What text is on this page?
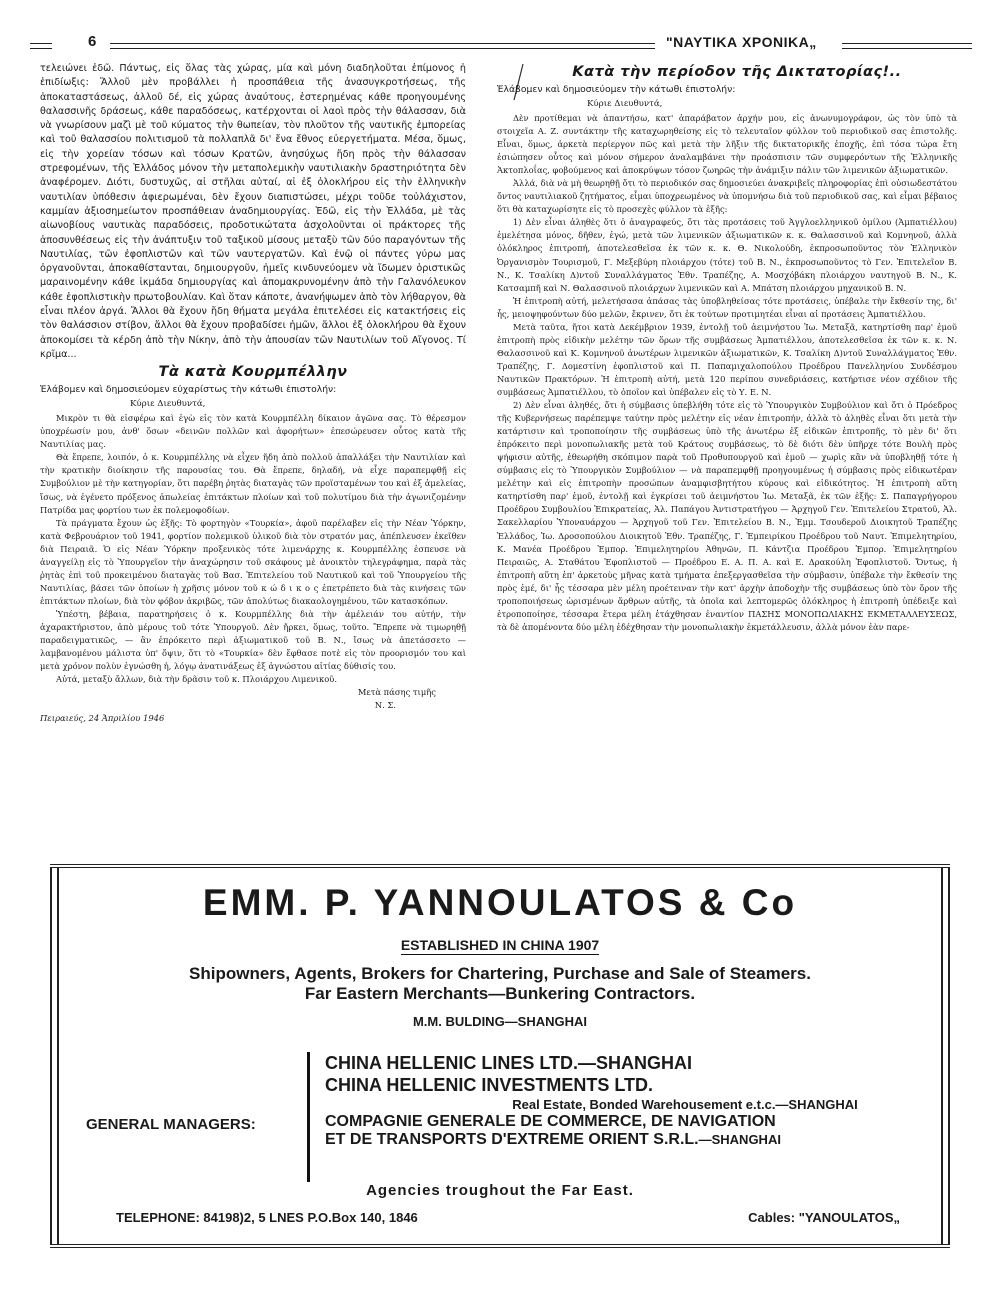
6	"ΝΑΥΤΙΚΑ ΧΡΟΝΙΚΑ„

τελειώνει ἐδῶ. Πάντως, εἰς ὅλας τὰς χώρας, μία καὶ μόνη διαδηλοῦται ἐπίμονος ἡ ἐπιδίωξις: Ἄλλοῦ μὲν προβάλλει ἡ προσπάθεια τῆς ἀνασυγκροτήσεως, τῆς ἀποκαταστάσεως, ἀλλοῦ δέ, εἰς χώρας ἀναύτους, ἐστερημένας κάθε προηγουμένης θαλασσινῆς δράσεως, κάθε παραδόσεως, κατέρχονται οἱ λαοὶ πρὸς τὴν θάλασσαν, διὰ νὰ γνωρίσουν μαζὶ μὲ τοῦ κύματος τὴν θωπείαν, τὸν πλοῦτον τῆς ναυτικῆς ἐμπορείας καὶ τοῦ θαλασσίου πολιτισμοῦ τὰ πολλαπλᾶ δι' ἔνα ἔθνος εὐεργετήματα. Μέσα, ὅμως, εἰς τὴν χορείαν τόσων καὶ τόσων Κρατῶν, ἀνησύχως ἤδη πρὸς τὴν θάλασσαν στρεφομένων, τῆς Ἑλλάδος μόνον τὴν μεταπολεμικὴν ναυτιλιακὴν δραστηριότητα δὲν ἀναφέρομεν. Διότι, δυστυχῶς, αἱ στῆλαι αὐταί, αἱ ἐξ ὁλοκλήρου εἰς τὴν ἑλληνικὴν ναυτιλίαν ὑπόθεσιν ἀφιερωμέναι, δὲν ἔχουν διαπιστώσει, μέχρι τοῦδε τοὐλάχιστον, καμμίαν ἀξιοσημείωτον προσπάθειαν ἀναδημιουργίας. Ἐδῶ, εἰς τὴν Ἑλλάδα, μὲ τὰς αἰωνοβίους ναυτικὰς παραδόσεις, προδοτικώτατα ἀσχολοῦνται οἱ πράκτορες τῆς ἀποσυνθέσεως εἰς τὴν ἀνάπτυξιν τοῦ ταξικοῦ μίσους μεταξὺ τῶν δύο παραγόντων τῆς Ναυτιλίας, τῶν ἐφοπλιστῶν καὶ τῶν ναυτεργατῶν. Καὶ ἐνῷ οἱ πάντες γύρω μας ὀργανοῦνται, ἀποκαθίστανται, δημιουργοῦν, ἡμεῖς κινδυνεύομεν νὰ ἴδωμεν ὁριστικῶς μαραινομένην κάθε ἰκμάδα δημιουργίας καὶ ἀπομακρυνομένην ἀπὸ τὴν Γαλανόλευκον κάθε ἐφοπλιστικὴν πρωτοβουλίαν. Καὶ ὅταν κάποτε, ἀνανήψωμεν ἀπὸ τὸν λήθαργον, θὰ εἶναι πλέον ἀργά. Ἄλλοι θὰ ἔχουν ἤδη θήματα μεγάλα ἐπιτελέσει εἰς κατακτήσεις εἰς τὸν θαλάσσιον στίβον, ἄλλοι θὰ ἔχουν προβαδίσει ἡμῶν, ἄλλοι ἐξ ὁλοκλήρου θὰ ἔχουν ἀποκομίσει τὰ κέρδη ἀπὸ τὴν Νίκην, ἀπὸ τὴν ἀπουσίαν τῶν Ναυτιλίων τοῦ Αἴγονος. Τί κρῖμα...

Τὰ κατὰ Κουρμπέλλην

Ἐλάβομεν καὶ δημοσιεύομεν εὐχαρίστως τὴν κάτωθι ἐπιστολήν:

Κύριε Διευθυντά,

Μικρὸν τι θὰ εἰσφέρω καὶ ἐγὼ εἰς τὸν κατὰ Κουρμπέλλη δίκαιον ἀγῶνα σας. Τὸ θέρεσμον ὑποχρέωσίν μου, ἀνθ' ὅσων «δεινῶν πολλῶν καὶ ἀφορήτων» ἐπεσώρευσεν οὗτος κατὰ τῆς Ναυτιλίας μας.

Θὰ ἔπρεπε, λοιπόν, ὁ κ. Κουρμπέλλης νὰ εἶχεν ἤδη ἀπὸ πολλοῦ ἀπαλλάξει τὴν Ναυτιλίαν καὶ τὴν κρατικὴν διοίκησιν τῆς παρουσίας του. Θὰ ἔπρεπε, δηλαδή, νὰ εἶχε παραπεμφθῇ εἰς Συμβούλιον μὲ τὴν κατηγορίαν, ὅτι παρέβη ῥητὰς διαταγὰς τῶν προϊσταμένων του καὶ ἐξ ἀμελείας, ἴσως, νὰ ἐγένετο πρόξενος ἀπωλείας ἐπιτάκτων πλοίων καὶ τοῦ πολυτίμου διὰ τὴν ἀγωνιζομένην Πατρίδα μας φορτίου των ἐκ πολεμοφοδίων.

Τὰ πράγματα ἔχουν ὡς ἑξῆς: Τὸ φορτηγὸν «Τουρκία», ἀφοῦ παρέλαβεν εἰς τὴν Νέαν Ὑόρκην, κατὰ Φεβρουάριον τοῦ 1941, φορτίον πολεμικοῦ ὑλικοῦ διὰ τὸν στρατόν μας, ἀπέπλευσεν ἐκεῖθεν διὰ Πειραιᾶ. Ὁ εἰς Νέαν Ὑόρκην προξενικὸς τότε λιμενάρχης κ. Κουρμπέλλης ἐσπευσε νὰ ἀναγγείλῃ εἰς τὸ Ὑπουργεῖον τὴν ἀναχώρησιν τοῦ σκάφους μὲ ἀνοικτὸν τηλεγράφημα, παρὰ τὰς ῥητὰς ἐπὶ τοῦ προκειμένου διαταγὰς τοῦ Βασ. Ἐπιτελείου τοῦ Ναυτικοῦ καὶ τοῦ Ὑπουργείου τῆς Ναυτιλίας, βάσει τῶν ὁποίων ἡ χρῆσις μόνον τοῦ κ ώ δ ι κ ο ς ἐπετρέπετο διὰ τὰς κινήσεις τῶν ἐπιτάκτων πλοίων, διὰ τὸν φόβον ἀκριβῶς, τῶν ἀπολύτως διακαολογημένου, τῶν κατασκόπων.

Ὑπέστη, βέβαια, παρατηρήσεις ὁ κ. Κουρμπέλλης διὰ τὴν ἀμέλειάν του αὐτήν, τὴν ἀχαρακτήριστον, ἀπὸ μέρους τοῦ τότε Ὑπουργοῦ. Δὲν ἤρκει, ὅμως, τοῦτο. Ἔπρεπε νὰ τιμωρηθῇ παραδειγματικῶς, — ἂν ἐπρόκειτο περὶ ἀξιωματικοῦ τοῦ Β. Ν., ἴσως νὰ ἀπετάσσετο — λαμβανομένου μάλιστα ὑπ' ὄψιν, ὅτι τὸ «Τουρκία» δὲν ἔφθασε ποτὲ εἰς τὸν προορισμόν του καὶ μετὰ χρόνον πολὺν ἐγνώσθη ἡ, λόγῳ ἀνατινάξεως ἐξ ἀγνώστου αἰτίας δύθισίς του.

Αὐτά, μεταξὺ ἄλλων, διὰ τὴν δρᾶσιν τοῦ κ. Πλοιάρχου Λιμενικοῦ.

Μετὰ πάσης τιμῆς

Ν. Σ.

Πειραιεύς, 24 Ἀπριλίου 1946

Κατὰ τὴν περίοδον τῆς Δικτατορίας!..

Ἐλάβομεν καὶ δημοσιεύομεν τὴν κάτωθι ἐπιστολήν:

Κύριε Διευθυντά,

Δὲν προτίθεμαι νὰ ἀπαντήσω, κατ' ἀπαράβατον ἀρχήν μου, εἰς ἀνωνυμογράφον, ὡς τὸν ὑπὸ τὰ στοιχεῖα Α. Ζ. συντάκτην τῆς καταχωρηθείσης εἰς τὸ τελευταῖον φύλλον τοῦ περιοδικοῦ σας ἐπιστολῆς. Εἶναι, ὅμως, ἀρκετὰ περίεργον πῶς καὶ μετὰ τὴν λῆξιν τῆς δικτατορικῆς ἐποχῆς, ἐπὶ τόσα τώρα ἔτη ἐσιώπησεν οὗτος καὶ μόνον σήμερον ἀναλαμβάνει τὴν προάσπισιν τῶν συμφερόντων τῆς Ἑλληνικῆς Ἀκτοπλοΐας, φοβούμενος καὶ ἀποκρύψων τόσον ζωηρῶς τὴν ἀνάμιξιν πάλιν τῶν λιμενικῶν ἀξιωματικῶν.

Ἀλλά, διὰ νὰ μὴ θεωρηθῇ ὅτι τὸ περιοδικόν σας δημοσιεύει ἀνακριβεῖς πληροφορίας ἐπὶ οὐσιωδεστάτου ὄντος ναυτιλιακοῦ ζητήματος, εἶμαι ὑποχρεωμένος νὰ ὑπομνήσω διὰ τοῦ περιοδικοῦ σας, καὶ εἶμαι βέβαιος ὅτι θὰ καταχωρίσητε εἰς τὸ προσεχὲς φύλλον τὰ ἑξῆς:

1) Δὲν εἶναι ἀληθὲς ὅτι ὁ ἀναγραφεύς, ὅτι τὰς προτάσεις τοῦ Ἀγγλοελληνικοῦ ὁμίλου (Ἀμπατιέλλου) ἐμελέτησα μόνος, δῆθεν, ἐγώ, μετὰ τῶν λιμενικῶν ἀξιωματικῶν κ. κ. Θαλασσινοῦ καὶ Κομνηνοῦ, ἀλλὰ ὁλόκληρος ἐπιτροπή, ἀποτελεσθεῖσα ἐκ τῶν κ. κ. Θ. Νικολούδη, ἐκπροσωποῦντος τὸν Ἑλληνικὸν Ὀργανισμὸν Τουρισμοῦ, Γ. Μεξεβύρη πλοιάρχου (τότε) τοῦ Β. Ν., ἐκπροσωποῦντος τὸ Γεν. Ἐπιτελεῖον Β. Ν., Κ. Τσαλίκη Δ)ντοῦ Συναλλάγματος Ἐθν. Τραπέζης, Α. Μοσχόβάκη πλοιάρχου ναυτηγοῦ Β. Ν., Κ. Κατσαμπῆ καὶ Ν. Θαλασσινοῦ πλοιάρχων λιμενικῶν καὶ Α. Μπάτση πλοιάρχου μηχανικοῦ Β. Ν.

Ἡ ἐπιτροπὴ αὐτή, μελετήσασα ἁπάσας τὰς ὑποβληθείσας τότε προτάσεις, ὑπέβαλε τὴν ἔκθεσίν της, δι' ἧς, μειοψηφούντων δύο μελῶν, ἔκρινεν, ὅτι ἐκ τούτων προτιμητέαι εἶναι αἱ προτάσεις Ἀμπατιέλλου.

Μετὰ ταῦτα, ἤτοι κατὰ Δεκέμβριον 1939, ἐντολῇ τοῦ ἀειμνήστου Ἰω. Μεταξᾶ, κατηρτίσθη παρ' ἐμοῦ ἐπιτροπὴ πρὸς εἰδικὴν μελέτην τῶν ὅρων τῆς συμβάσεως Ἀμπατιέλλου, ἀποτελεσθεῖσα ἐκ τῶν κ. κ. Ν. Θαλασσινοῦ καὶ Κ. Κομνηνοῦ ἀνωτέρων λιμενικῶν ἀξιωματικῶν, Κ. Τσαλίκη Δ)ντοῦ Συναλλάγματος Ἐθν. Τραπέζης, Γ. Δομεστίνη ἐφοπλιστοῦ καὶ Π. Παπαμιχαλοπούλου Προέδρου Πανελληνίου Συνδέσμου Ναυτικῶν Πρακτόρων. Ἡ ἐπιτροπὴ αὐτή, μετὰ 120 περίπου συνεδριάσεις, κατήρτισε νέον σχέδιον τῆς συμβάσεως Ἀμπατιέλλου, τὸ ὁποῖον καὶ ὑπέβαλεν εἰς τὸ Υ. Ε. Ν.

2) Δὲν εἶναι ἀληθές, ὅτι ἡ σύμβασις ὑπεβλήθη τότε εἰς τὸ Ὑπουργικὸν Συμβούλιον καὶ ὅτι ὁ Πρόεδρος τῆς Κυβερνήσεως παρέπεμψε ταύτην πρὸς μελέτην εἰς νέαν ἐπιτροπήν, ἀλλὰ τὸ ἀληθὲς εἶναι ὅτι μετὰ τὴν κατάρτισιν καὶ τροποποίησιν τῆς συμβάσεως ὑπὸ τῆς ἀνωτέρω ἐξ εἰδικῶν ἐπιτροπῆς, τὸ μὲν δι' ὅτι ἐπρόκειτο περὶ μονοπωλιακῆς μετὰ τοῦ Κράτους συμβάσεως, τὸ δὲ διότι δὲν ὑπῆρχε τότε Βουλὴ πρὸς ψήφισιν αὐτῆς, ἐθεωρήθη σκόπιμον παρὰ τοῦ Προθυπουργοῦ καὶ ἐμοῦ — χωρὶς κἂν νὰ ὑποβληθῇ τότε ἡ σύμβασις εἰς τὸ Ὑπουργικὸν Συμβούλιον — νὰ παραπεμφθῇ προηγουμένως ἡ σύμβασις πρὸς εἰδικωτέραν μελέτην καὶ εἰς ἐπιτροπὴν προσώπων ἀναμφισβητήτου κύρους καὶ εἰδικότητος. Ἡ ἐπιτροπὴ αὕτη κατηρτίσθη παρ' ἐμοῦ, ἐντολῇ καὶ ἐγκρίσει τοῦ ἀειμνήστου Ἰω. Μεταξᾶ, ἐκ τῶν ἑξῆς: Σ. Παπαγρήγορου Προέδρου Συμβουλίου Ἐπικρατείας, Ἀλ. Παπάγου Ἀντιστρατήγου — Ἀρχηγοῦ Γεν. Ἐπιτελείου Στρατοῦ, Ἀλ. Σακελλαρίου Ὑποναυάρχου — Ἀρχηγοῦ τοῦ Γεν. Ἐπιτελείου Β. Ν., Ἐμμ. Τσουδεροῦ Διοικητοῦ Τραπέζης Ἑλλάδος, Ἰω. Δροσοπούλου Διοικητοῦ Ἐθν. Τραπέζης, Γ. Ἐμπειρίκου Προέδρου τοῦ Ναυτ. Ἐπιμελητηρίου, Κ. Μανέα Προέδρου Ἐμπορ. Ἐπιμελητηρίου Ἀθηνῶν, Π. Κάντζια Προέδρου Ἐμπορ. Ἐπιμελητηρίου Πειραιῶς, Α. Σταθάτου Ἐφοπλιστοῦ — Προέδρου Ε. Α. Π. Α. καὶ Ε. Δρακούλη Ἐφοπλιστοῦ. Ὄντως, ἡ ἐπιτροπὴ αὕτη ἐπ' ἀρκετοὺς μῆνας κατὰ τμήματα ἐπεξεργασθεῖσα τὴν σύμβασιν, ὑπέβαλε τὴν ἔκθεσίν της πρὸς ἐμέ, δι' ἧς τέσσαρα μὲν μέλη προέτειναν τὴν κατ' ἀρχὴν ἀποδοχὴν τῆς συμβάσεως ὑπὸ τὸν ὅρον τῆς τροποποιήσεως ὡρισμένων ἄρθρων αὐτῆς, τὰ ὁποῖα καὶ λεπτομερῶς ὁλόκληρος ἡ ἐπιτροπὴ ὑπέδειξε καὶ ἐτροποποίησε, τέσσαρα ἕτερα μέλη ἐτάχθησαν ἐναντίον ΠΑΣΗΣ ΜΟΝΟΠΩΛΙΑΚΗΣ ΕΚΜΕΤΑΛΛΕΥΣΕΩΣ, τὰ δὲ ἀπομένοντα δύο μέλη ἐδέχθησαν τὴν μονοπωλιακὴν ἐκμετάλλευσιν, ἀλλὰ μόνον ἐὰν παρε-

EMM. P. YANNOULATOS & Co
ESTABLISHED IN CHINA 1907
Shipowners, Agents, Brokers for Chartering, Purchase and Sale of Steamers.
Far Eastern Merchants—Bunkering Contractors.
M.M. BULDING—SHANGHAI
GENERAL MANAGERS:

CHINA HELLENIC LINES LTD.—SHANGHAI

CHINA HELLENIC INVESTMENTS LTD.

Real Estate, Bonded Warehousement e.t.c.—SHANGHAI

COMPAGNIE GENERALE DE COMMERCE, DE NAVIGATION

ET DE TRANSPORTS D'EXTREME ORIENT S.R.L.—SHANGHAI

Agencies troughout the Far East.
TELEPHONE: 84198)2, 5 LNES P.O.Box 140, 1846	Cables: "YANOULATOS„
